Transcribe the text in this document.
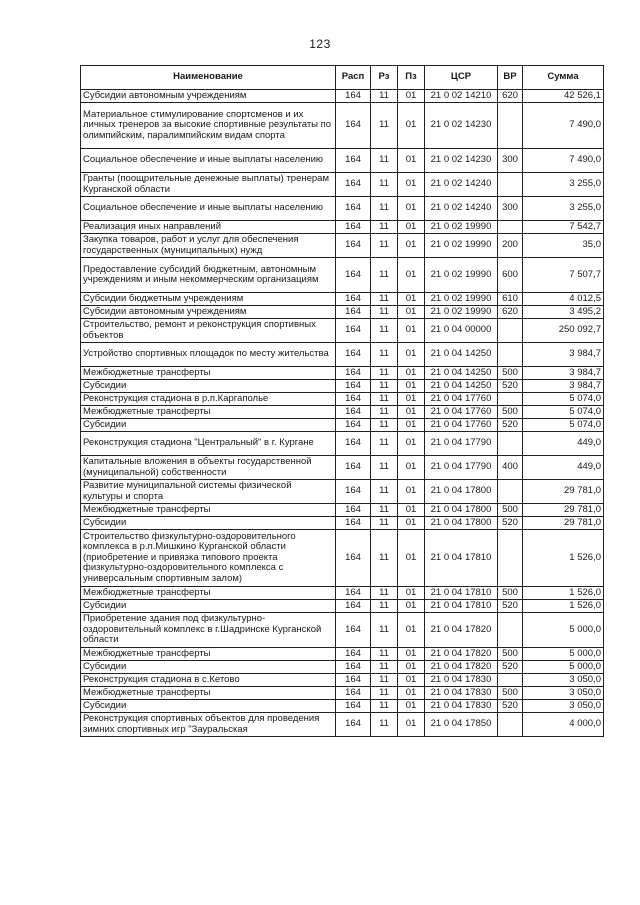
123
Наименование	Расп	Рз	Пз	ЦСР	ВР	Сумма
Субсидии автономным учреждениям	164	11	01	21 0 02 14210	620	42 526,1
Материальное стимулирование спортсменов и их личных тренеров за высокие спортивные результаты по олимпийским, паралимпийским видам спорта	164	11	01	21 0 02 14230		7 490,0
Социальное обеспечение и иные выплаты населению	164	11	01	21 0 02 14230	300	7 490,0
Гранты (поощрительные денежные выплаты) тренерам Курганской области	164	11	01	21 0 02 14240		3 255,0
Социальное обеспечение и иные выплаты населению	164	11	01	21 0 02 14240	300	3 255,0
Реализация иных направлений	164	11	01	21 0 02 19990		7 542,7
Закупка товаров, работ и услуг для обеспечения государственных (муниципальных) нужд	164	11	01	21 0 02 19990	200	35,0
Предоставление субсидий бюджетным, автономным учреждениям и иным некоммерческим организациям	164	11	01	21 0 02 19990	600	7 507,7
Субсидии бюджетным учреждениям	164	11	01	21 0 02 19990	610	4 012,5
Субсидии автономным учреждениям	164	11	01	21 0 02 19990	620	3 495,2
Строительство, ремонт и реконструкция спортивных объектов	164	11	01	21 0 04 00000		250 092,7
Устройство спортивных площадок по месту жительства	164	11	01	21 0 04 14250		3 984,7
Межбюджетные трансферты	164	11	01	21 0 04 14250	500	3 984,7
Субсидии	164	11	01	21 0 04 14250	520	3 984,7
Реконструкция стадиона в р.п.Каргаполье	164	11	01	21 0 04 17760		5 074,0
Межбюджетные трансферты	164	11	01	21 0 04 17760	500	5 074,0
Субсидии	164	11	01	21 0 04 17760	520	5 074,0
Реконструкция стадиона "Центральный" в г. Кургане	164	11	01	21 0 04 17790		449,0
Капитальные вложения в объекты государственной (муниципальной) собственности	164	11	01	21 0 04 17790	400	449,0
Развитие муниципальной системы физической культуры и спорта	164	11	01	21 0 04 17800		29 781,0
Межбюджетные трансферты	164	11	01	21 0 04 17800	500	29 781,0
Субсидии	164	11	01	21 0 04 17800	520	29 781,0
Строительство физкультурно-оздоровительного комплекса в р.п.Мишкино Курганской области (приобретение и привязка типового проекта физкультурно-оздоровительного комплекса с универсальным спортивным залом)	164	11	01	21 0 04 17810		1 526,0
Межбюджетные трансферты	164	11	01	21 0 04 17810	500	1 526,0
Субсидии	164	11	01	21 0 04 17810	520	1 526,0
Приобретение здания под физкультурно-оздоровительный комплекс в г.Шадринске Курганской области	164	11	01	21 0 04 17820		5 000,0
Межбюджетные трансферты	164	11	01	21 0 04 17820	500	5 000,0
Субсидии	164	11	01	21 0 04 17820	520	5 000,0
Реконструкция стадиона в с.Кетово	164	11	01	21 0 04 17830		3 050,0
Межбюджетные трансферты	164	11	01	21 0 04 17830	500	3 050,0
Субсидии	164	11	01	21 0 04 17830	520	3 050,0
Реконструкция спортивных объектов для проведения зимних спортивных игр "Зауральская	164	11	01	21 0 04 17850		4 000,0
